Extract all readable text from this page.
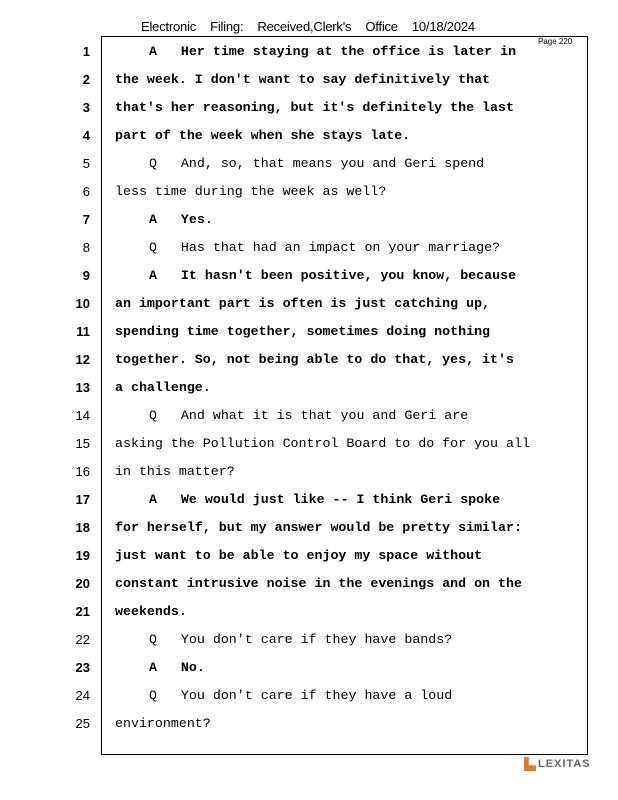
Electronic Filing: Received,Clerk's Office 10/18/2024
Page 220
1	A   Her time staying at the office is later in
2 the week. I don't want to say definitively that
3 that's her reasoning, but it's definitely the last
4 part of the week when she stays late.
5	Q   And, so, that means you and Geri spend
6 less time during the week as well?
7	A   Yes.
8	Q   Has that had an impact on your marriage?
9	A   It hasn't been positive, you know, because
10 an important part is often is just catching up,
11 spending time together, sometimes doing nothing
12 together. So, not being able to do that, yes, it's
13 a challenge.
14	Q   And what it is that you and Geri are
15 asking the Pollution Control Board to do for you all
16 in this matter?
17	A   We would just like -- I think Geri spoke
18 for herself, but my answer would be pretty similar:
19 just want to be able to enjoy my space without
20 constant intrusive noise in the evenings and on the
21 weekends.
22	Q   You don't care if they have bands?
23	A   No.
24	Q   You don't care if they have a loud
25 environment?
LEXITAS
